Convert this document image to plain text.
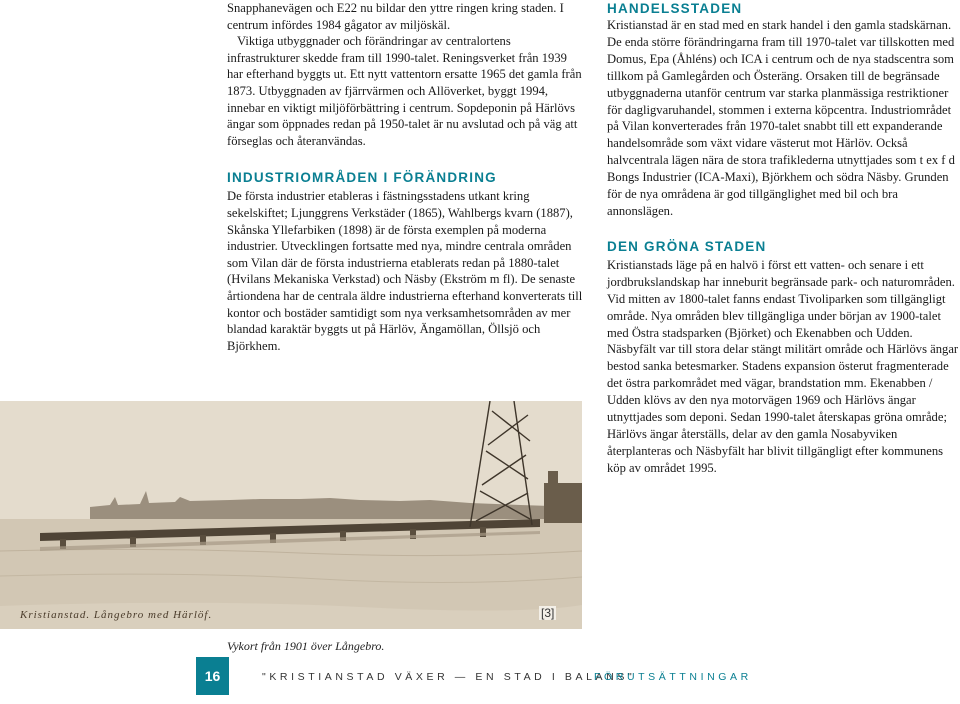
Snapphanevägen och E22 nu bildar den yttre ringen kring staden. I centrum infördes 1984 gågator av miljöskäl.

Viktiga utbyggnader och förändringar av centralortens infrastrukturer skedde fram till 1990-talet. Reningsverket från 1939 har efterhand byggts ut. Ett nytt vattentorn ersatte 1965 det gamla från 1873. Utbyggnaden av fjärrvärmen och Allöverket, byggt 1994, innebar en viktigt miljöförbättring i centrum. Sopdeponin på Härlövs ängar som öppnades redan på 1950-talet är nu avslutad och på väg att förseglas och återanvändas.

INDUSTRIOMRÅDEN I FÖRÄNDRING

De första industrier etableras i fästningsstadens utkant kring sekelskiftet; Ljunggrens Verkstäder (1865), Wahlbergs kvarn (1887), Skånska Yllefarbiken (1898) är de första exemplen på moderna industrier. Utvecklingen fortsatte med nya, mindre centrala områden som Vilan där de första industrierna etablerats redan på 1880-talet (Hvilans Mekaniska Verkstad) och Näsby (Ekström m fl). De senaste årtiondena har de centrala äldre industrierna efterhand konverterats till kontor och bostäder samtidigt som nya verksamhetsområden av mer blandad karaktär byggts ut på Härlöv, Ängamöllan, Öllsjö och Björkhem.

HANDELSSTADEN

Kristianstad är en stad med en stark handel i den gamla stadskärnan. De enda större förändringarna fram till 1970-talet var tillskotten med Domus, Epa (Åhléns) och ICA i centrum och de nya stadscentra som tillkom på Gamlegården och Österäng. Orsaken till de begränsade utbyggnaderna utanför centrum var starka planmässiga restriktioner för dagligvaruhandel, stommen i externa köpcentra. Industriområdet på Vilan konverterades från 1970-talet snabbt till ett expanderande handelsområde som växt vidare västerut mot Härlöv. Också halvcentrala lägen nära de stora trafiklederna utnyttjades som t ex f d Bongs Industrier (ICA-Maxi), Björkhem och södra Näsby. Grunden för de nya områdena är god tillgänglighet med bil och bra annonslägen.

DEN GRÖNA STADEN

Kristianstads läge på en halvö i först ett vatten- och senare i ett jordbrukslandskap har inneburit begränsade park- och naturområden. Vid mitten av 1800-talet fanns endast Tivoliparken som tillgängligt område. Nya områden blev tillgängliga under början av 1900-talet med Östra stadsparken (Björket) och Ekenabben och Udden. Näsbyfält var till stora delar stängt militärt område och Härlövs ängar bestod sanka betesmarker. Stadens expansion österut fragmenterade det östra parkområdet med vägar, brandstation mm. Ekenabben / Udden klövs av den nya motorvägen 1969 och Härlövs ängar utnyttjades som deponi. Sedan 1990-talet återskapas gröna område; Härlövs ängar återställs, delar av den gamla Nosabyviken återplanteras och Näsbyfält har blivit tillgängligt efter kommunens köp av området 1995.

Kristianstad. Långebro med Härlöf.	[3]
Vykort från 1901 över Långebro.
16	"KRISTIANSTAD VÄXER — EN STAD I BALANS"
FÖRUTSÄTTNINGAR
